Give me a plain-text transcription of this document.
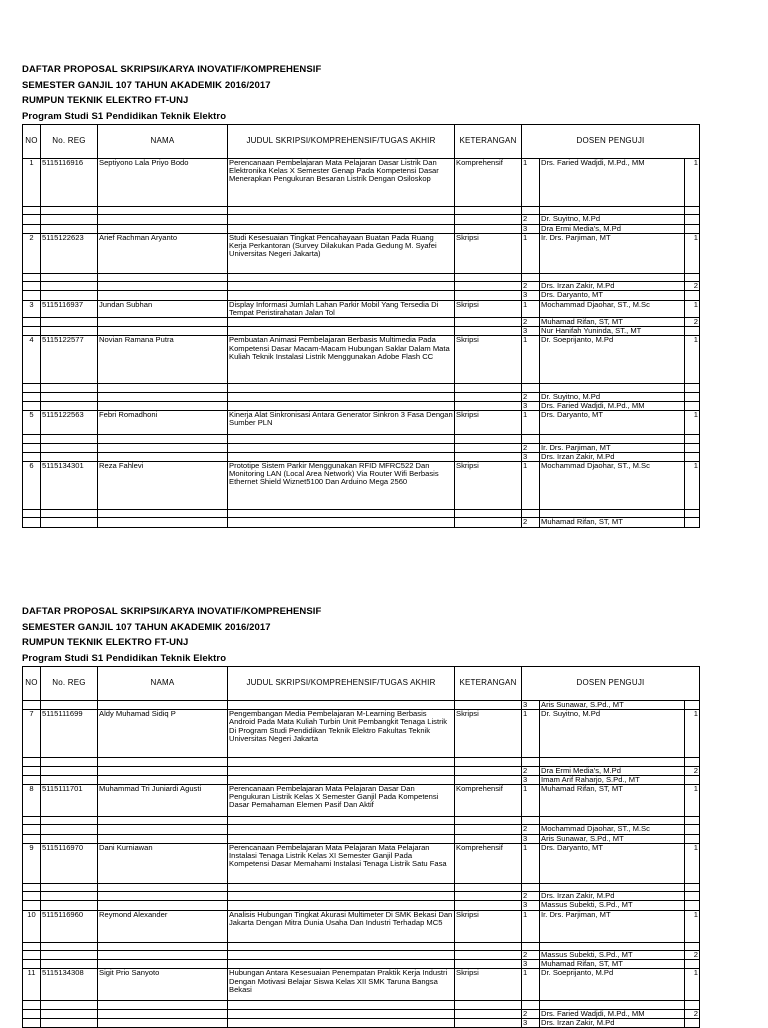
DAFTAR PROPOSAL SKRIPSI/KARYA INOVATIF/KOMPREHENSIF
SEMESTER GANJIL 107 TAHUN AKADEMIK 2016/2017
RUMPUN TEKNIK ELEKTRO FT-UNJ
Program Studi S1 Pendidikan Teknik Elektro
NO	No. REG	NAMA	JUDUL SKRIPSI/KOMPREHENSIF/TUGAS AKHIR	KETERANGAN	DOSEN PENGUJI		
1	5115116916	Septiyono Lala Priyo Bodo	Perencanaan Pembelajaran Mata Pelajaran Dasar Listrik Dan Elektronika Kelas X Semester Genap Pada Kompetensi Dasar Menerapkan Pengukuran Besaran Listrik Dengan Osiloskop	Komprehensif	1	Drs. Faried Wadjdi, M.Pd., MM	1

					2	Dr. Suyitno, M.Pd	
					3	Dra Ermi Media's, M.Pd	
2	5115122623	Arief Rachman Aryanto	Studi Kesesuaian Tingkat Pencahayaan Buatan Pada Ruang Kerja Perkantoran (Survey Dilakukan Pada Gedung M. Syafei Universitas Negeri Jakarta)	Skripsi	1	Ir. Drs. Parjiman, MT	1

					2	Drs. Irzan Zakir, M.Pd	2
					3	Drs. Daryanto, MT	
3	5115116937	Jundan Subhan	Display Informasi Jumlah Lahan Parkir Mobil Yang Tersedia Di Tempat Peristirahatan Jalan Tol	Skripsi	1	Mochammad Djaohar, ST., M.Sc	1
					2	Muhamad Rifan, ST, MT	2
					3	Nur Hanifah Yuninda, ST., MT	
4	5115122577	Novian Ramana Putra	Pembuatan Animasi Pembelajaran Berbasis Multimedia Pada Kompetensi Dasar Macam-Macam Hubungan Saklar Dalam Mata Kuliah Teknik Instalasi Listrik Menggunakan Adobe Flash CC	Skripsi	1	Dr. Soeprijanto, M.Pd	1

					2	Dr. Suyitno, M.Pd	
					3	Drs. Faried Wadjdi, M.Pd., MM	
5	5115122563	Febri Romadhoni	Kinerja Alat Sinkronisasi Antara Generator Sinkron 3 Fasa Dengan Sumber PLN	Skripsi	1	Drs. Daryanto, MT	1

					2	Ir. Drs. Parjiman, MT	
					3	Drs. Irzan Zakir, M.Pd	
6	5115134301	Reza Fahlevi	Prototipe Sistem Parkir Menggunakan RFID MFRC522 Dan Monitoring LAN (Local Area Network) Via Router Wifi Berbasis Ethernet Shield Wiznet5100 Dan Arduino Mega 2560	Skripsi	1	Mochammad Djaohar, ST., M.Sc	1

					2	Muhamad Rifan, ST, MT	
DAFTAR PROPOSAL SKRIPSI/KARYA INOVATIF/KOMPREHENSIF
SEMESTER GANJIL 107 TAHUN AKADEMIK 2016/2017
RUMPUN TEKNIK ELEKTRO FT-UNJ
Program Studi S1 Pendidikan Teknik Elektro
NO	No. REG	NAMA	JUDUL SKRIPSI/KOMPREHENSIF/TUGAS AKHIR	KETERANGAN	DOSEN PENGUJI		
					3	Aris Sunawar, S.Pd., MT	
7	5115111699	Aldy Muhamad Sidiq P	Pengembangan Media Pembelajaran M-Learning Berbasis Android Pada Mata Kuliah Turbin Unit Pembangkit Tenaga Listrik Di Program Studi Pendidikan Teknik Elektro Fakultas Teknik Universitas Negeri Jakarta	Skripsi	1	Dr. Suyitno, M.Pd	1

					2	Dra Ermi Media's, M.Pd	2
					3	Imam Arif Raharjo, S.Pd., MT	
8	5115111701	Muhammad Tri Juniardi Agusti	Perencanaan Pembelajaran Mata Pelajaran Dasar Dan Pengukuran Listrik Kelas X Semester Ganjil Pada Kompetensi Dasar Pemahaman Elemen Pasif Dan Aktif	Komprehensif	1	Muhamad Rifan, ST, MT	1

					2	Mochammad Djaohar, ST., M.Sc	
					3	Aris Sunawar, S.Pd., MT	
9	5115116970	Dani Kurniawan	Perencanaan Pembelajaran Mata Pelajaran Mata Pelajaran Instalasi Tenaga Listrik Kelas XI Semester Ganjil Pada Kompetensi Dasar Memahami Instalasi Tenaga Listrik Satu Fasa	Komprehensif	1	Drs. Daryanto, MT	1

					2	Drs. Irzan Zakir, M.Pd	
					3	Massus Subekti, S.Pd., MT	
10	5115116960	Reymond Alexander	Analisis Hubungan Tingkat Akurasi Multimeter Di SMK Bekasi Dan Jakarta Dengan Mitra Dunia Usaha Dan Industri Terhadap MC5	Skripsi	1	Ir. Drs. Parjiman, MT	1

					2	Massus Subekti, S.Pd., MT	2
					3	Muhamad Rifan, ST, MT	
11	5115134308	Sigit Prio Sanyoto	Hubungan Antara Kesesuaian Penempatan Praktik Kerja Industri Dengan Motivasi Belajar Siswa Kelas XII SMK Taruna Bangsa Bekasi	Skripsi	1	Dr. Soeprijanto, M.Pd	1

					2	Drs. Faried Wadjdi, M.Pd., MM	2
					3	Drs. Irzan Zakir, M.Pd	
